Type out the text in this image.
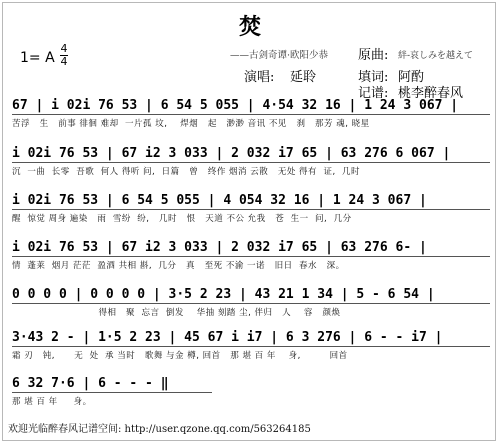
焚
1= A
4
4	——古剑奇谭·欧阳少恭 原曲: 絆-哀しみを越えて
演唱: 延聆	填词: 阿酌
记谱: 桃李醉春风
67 | i 02i 76 53 | 6 54 5 055 | 4·54 32 16 | 1 24 3 067 |
苦浮   生   前事 徘徊 难却  一片孤 坟,    焊烟   起   渺渺 音讯 不见   刹   那芳 魂, 晓星
i 02i 76 53 | 67 i2 3 033 | 2 032 i7 65 | 63 276 6 067 |
沉  一曲  长零  吾歌  何人 得听 问,  日篇   曾   终作 烟消 云散   无处 得有  证,  几时
i 02i 76 53 | 6 54 5 055 | 4 054 32 16 | 1 24 3 067 |
醒  惊觉 周身 遍染   雨  雪纷  纷,   几时   恨   天道 不公 允我   苍  生一  问,  几分
i 02i 76 53 | 67 i2 3 033 | 2 032 i7 65 | 63 276 6- |
情  蓬莱  烟月 茫茫  盈酒 共相 斟,  几分   真   至死 不渝 一诺   旧日  春水   深。
0 0 0 0 | 0 0 0 0 | 3·5 2 23 | 43 21 1 34 | 5 - 6 54 |
得相   聚  忘言  倒发    华抽 刻踏 尘, 伴归   人    容   颜焕
3·43 2 - | 1·5 2 23 | 45 67 i i7 | 6 3 276 | 6 - - i7 |
霜 刃   钝,      无  处  承 当时   歌舞 与金 樽, 回首   那 堪 百 年    身,         回首
6 32 7·6 | 6 - - - ‖
那 堪 百 年     身。
欢迎光临醉春风记谱空间: http://user.qzone.qq.com/563264185
